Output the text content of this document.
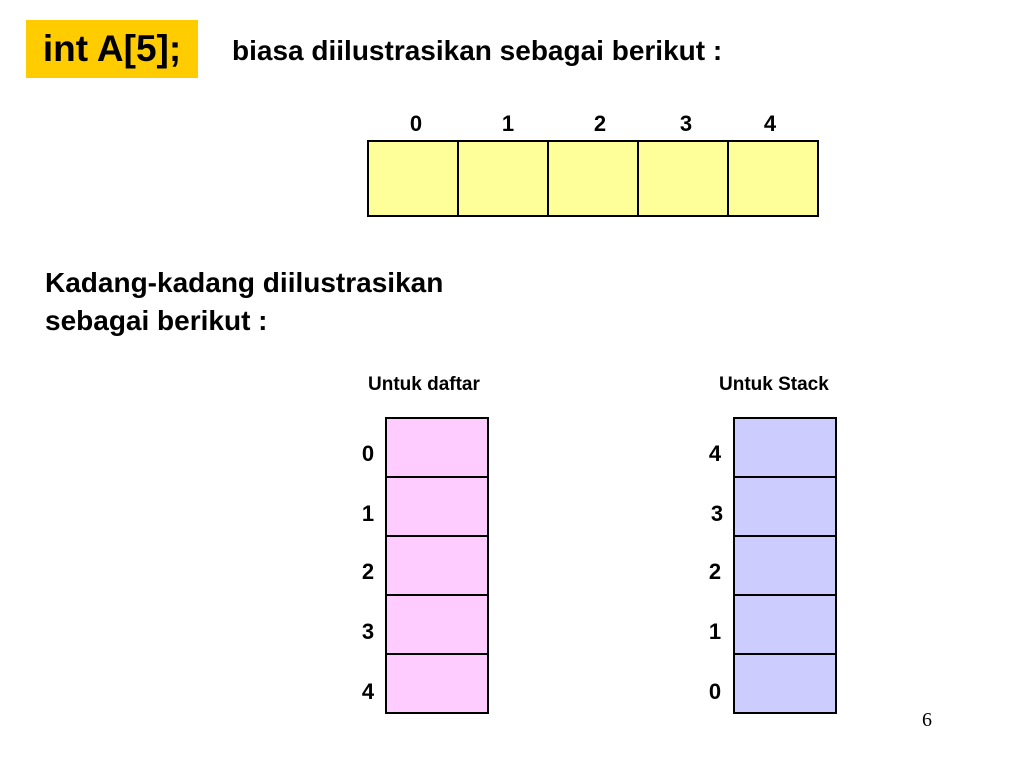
int A[5];	biasa diilustrasikan sebagai berikut :
0	1	2	3	4
Kadang-kadang diilustrasikan
sebagai berikut :
Untuk daftar
0
1
2
3
4
Untuk Stack
4
3
2
1
0
6
